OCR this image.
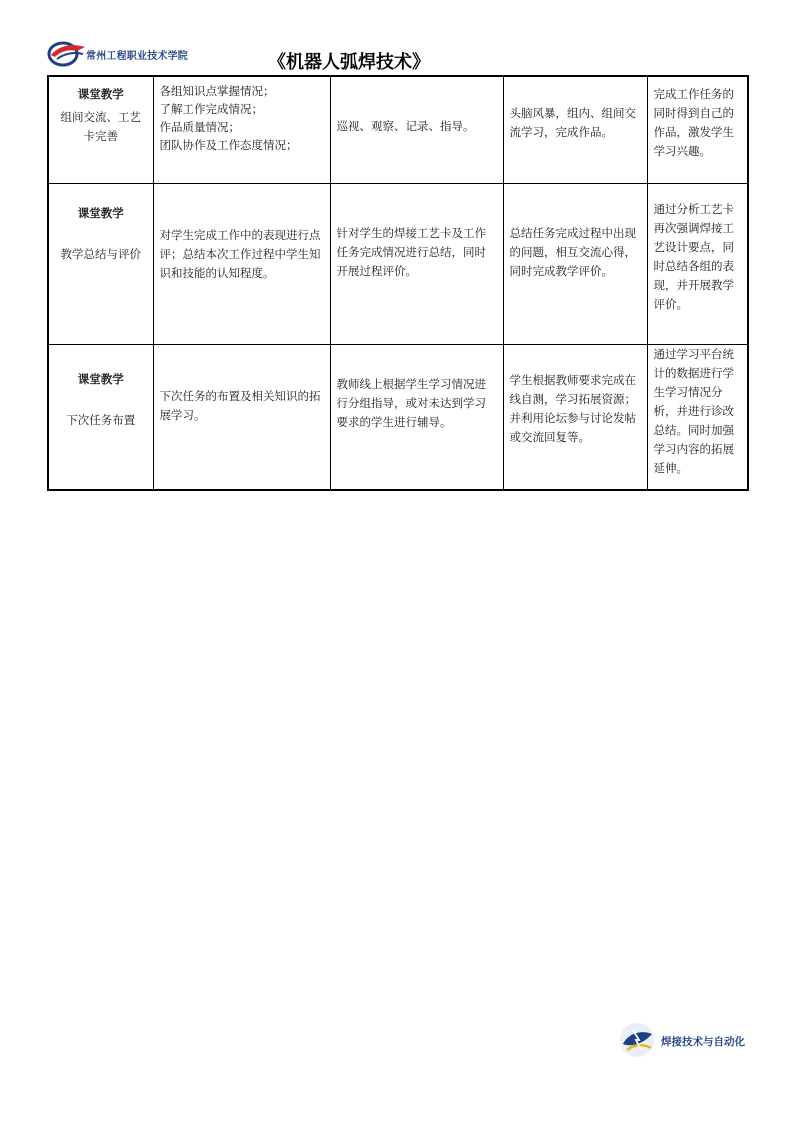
常州工程职业技术学院	《机器人弧焊技术》
课堂教学
组间交流、工艺卡完善	各组知识点掌握情况；
了解工作完成情况；
作品质量情况；
团队协作及工作态度情况；	巡视、观察、记录、指导。	头脑风暴，组内、组间交流学习，完成作品。	完成工作任务的同时得到自己的作品，激发学生学习兴趣。

课堂教学
教学总结与评价	对学生完成工作中的表现进行点评；总结本次工作过程中学生知识和技能的认知程度。	针对学生的焊接工艺卡及工作任务完成情况进行总结，同时开展过程评价。	总结任务完成过程中出现的问题，相互交流心得，同时完成教学评价。	通过分析工艺卡再次强调焊接工艺设计要点，同时总结各组的表现，并开展教学评价。

课堂教学
下次任务布置	下次任务的布置及相关知识的拓展学习。	教师线上根据学生学习情况进行分组指导，或对未达到学习要求的学生进行辅导。	学生根据教师要求完成在线自测，学习拓展资源；并利用论坛参与讨论发帖或交流回复等。	通过学习平台统计的数据进行学生学习情况分析，并进行诊改总结。同时加强学习内容的拓展延伸。
焊接技术与自动化
